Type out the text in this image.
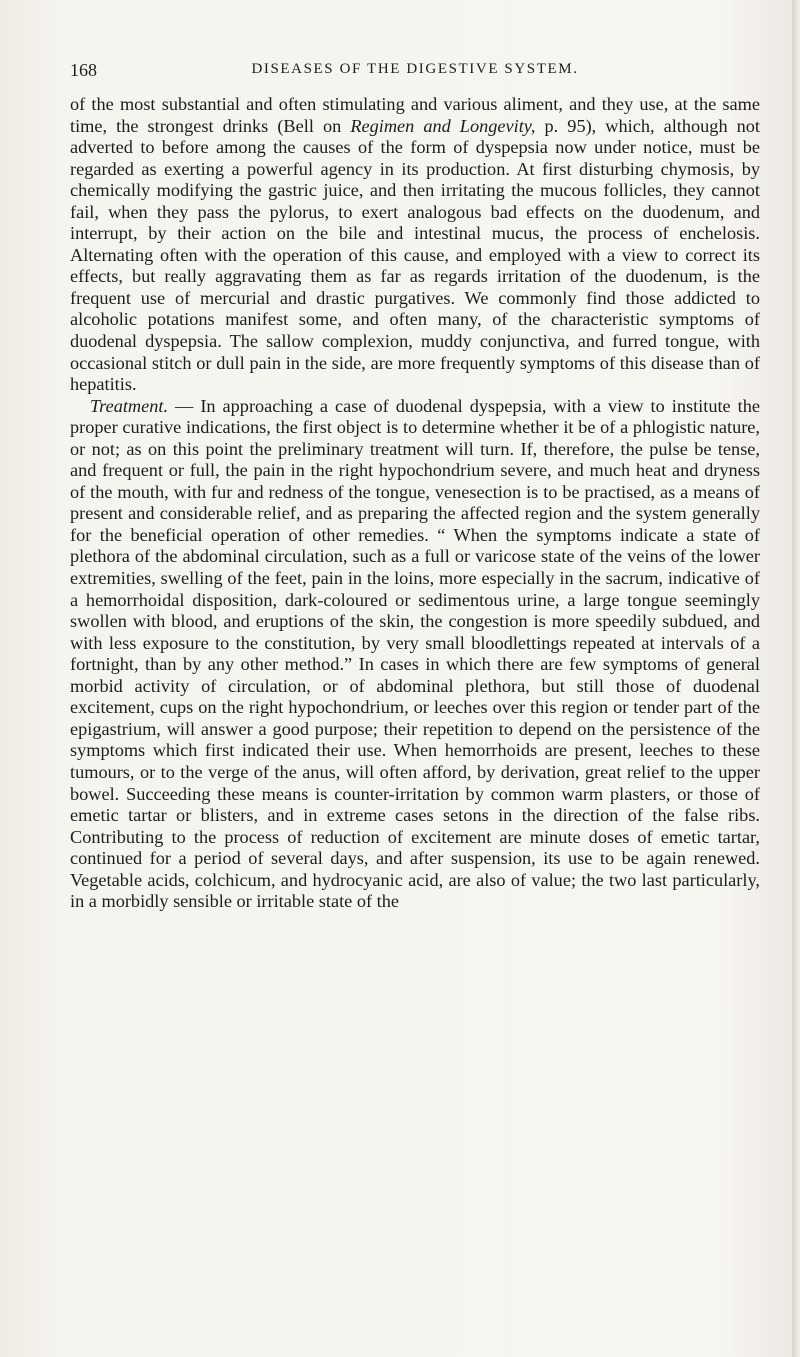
168	DISEASES OF THE DIGESTIVE SYSTEM.

of the most substantial and often stimulating and various aliment, and they use, at the same time, the strongest drinks (Bell on Regimen and Longevity, p. 95), which, although not adverted to before among the causes of the form of dyspepsia now under notice, must be regarded as exerting a powerful agency in its production. At first disturbing chymosis, by chemically modifying the gastric juice, and then irritating the mucous follicles, they cannot fail, when they pass the pylorus, to exert analogous bad effects on the duodenum, and interrupt, by their action on the bile and intestinal mucus, the process of enchelosis. Alternating often with the operation of this cause, and employed with a view to correct its effects, but really aggravating them as far as regards irritation of the duodenum, is the frequent use of mercurial and drastic purgatives. We commonly find those addicted to alcoholic potations manifest some, and often many, of the characteristic symptoms of duodenal dyspepsia. The sallow complexion, muddy conjunctiva, and furred tongue, with occasional stitch or dull pain in the side, are more frequently symptoms of this disease than of hepatitis.

Treatment. — In approaching a case of duodenal dyspepsia, with a view to institute the proper curative indications, the first object is to determine whether it be of a phlogistic nature, or not; as on this point the preliminary treatment will turn. If, therefore, the pulse be tense, and frequent or full, the pain in the right hypochondrium severe, and much heat and dryness of the mouth, with fur and redness of the tongue, venesection is to be practised, as a means of present and considerable relief, and as preparing the affected region and the system generally for the beneficial operation of other remedies. “ When the symptoms indicate a state of plethora of the abdominal circulation, such as a full or varicose state of the veins of the lower extremities, swelling of the feet, pain in the loins, more especially in the sacrum, indicative of a hemorrhoidal disposition, dark-coloured or sedimentous urine, a large tongue seemingly swollen with blood, and eruptions of the skin, the congestion is more speedily subdued, and with less exposure to the constitution, by very small bloodlettings repeated at intervals of a fortnight, than by any other method.” In cases in which there are few symptoms of general morbid activity of circulation, or of abdominal plethora, but still those of duodenal excitement, cups on the right hypochondrium, or leeches over this region or tender part of the epigastrium, will answer a good purpose; their repetition to depend on the persistence of the symptoms which first indicated their use. When hemorrhoids are present, leeches to these tumours, or to the verge of the anus, will often afford, by derivation, great relief to the upper bowel. Succeeding these means is counter-irritation by common warm plasters, or those of emetic tartar or blisters, and in extreme cases setons in the direction of the false ribs. Contributing to the process of reduction of excitement are minute doses of emetic tartar, continued for a period of several days, and after suspension, its use to be again renewed. Vegetable acids, colchicum, and hydrocyanic acid, are also of value; the two last particularly, in a morbidly sensible or irritable state of the
